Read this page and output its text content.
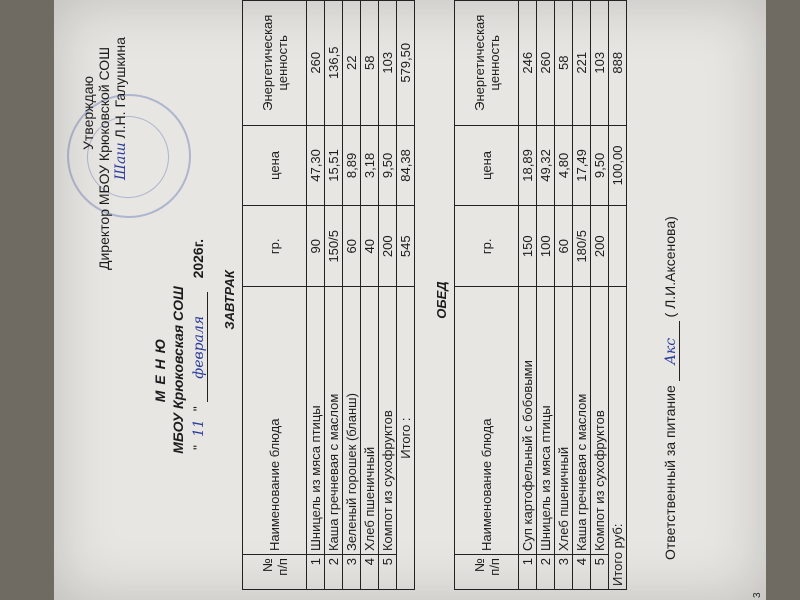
3
Утверждаю Директор МБОУ Крюковской СОШ Шаш Л.Н. Галушкина
М Е Н Ю МБОУ Крюковская СОШ "11" февраля 2026г.
ЗАВТРАК
№ п/п	Наименование блюда	гр.	цена	Энергетическая ценность
1	Шницель из мяса птицы	90	47,30	260
2	Каша гречневая с маслом	150/5	15,51	136,5
3	Зеленый горошек (бланш)	60	8,89	22
4	Хлеб пшеничный	40	3,18	58
5	Компот из сухофруктов	200	9,50	103
Итого :		545	84,38	579,50
ОБЕД
№ п/п	Наименование блюда	гр.	цена	Энергетическая ценность
1	Суп картофельный с бобовыми	150	18,89	246
2	Шницель из мяса птицы	100	49,32	260
3	Хлеб пшеничный	60	4,80	58
4	Каша гречневая с маслом	180/5	17,49	221
5	Компот из сухофруктов	200	9,50	103
Итого руб:			100,00	888
Ответственный за питание Акс ( Л.И.Аксенова)
